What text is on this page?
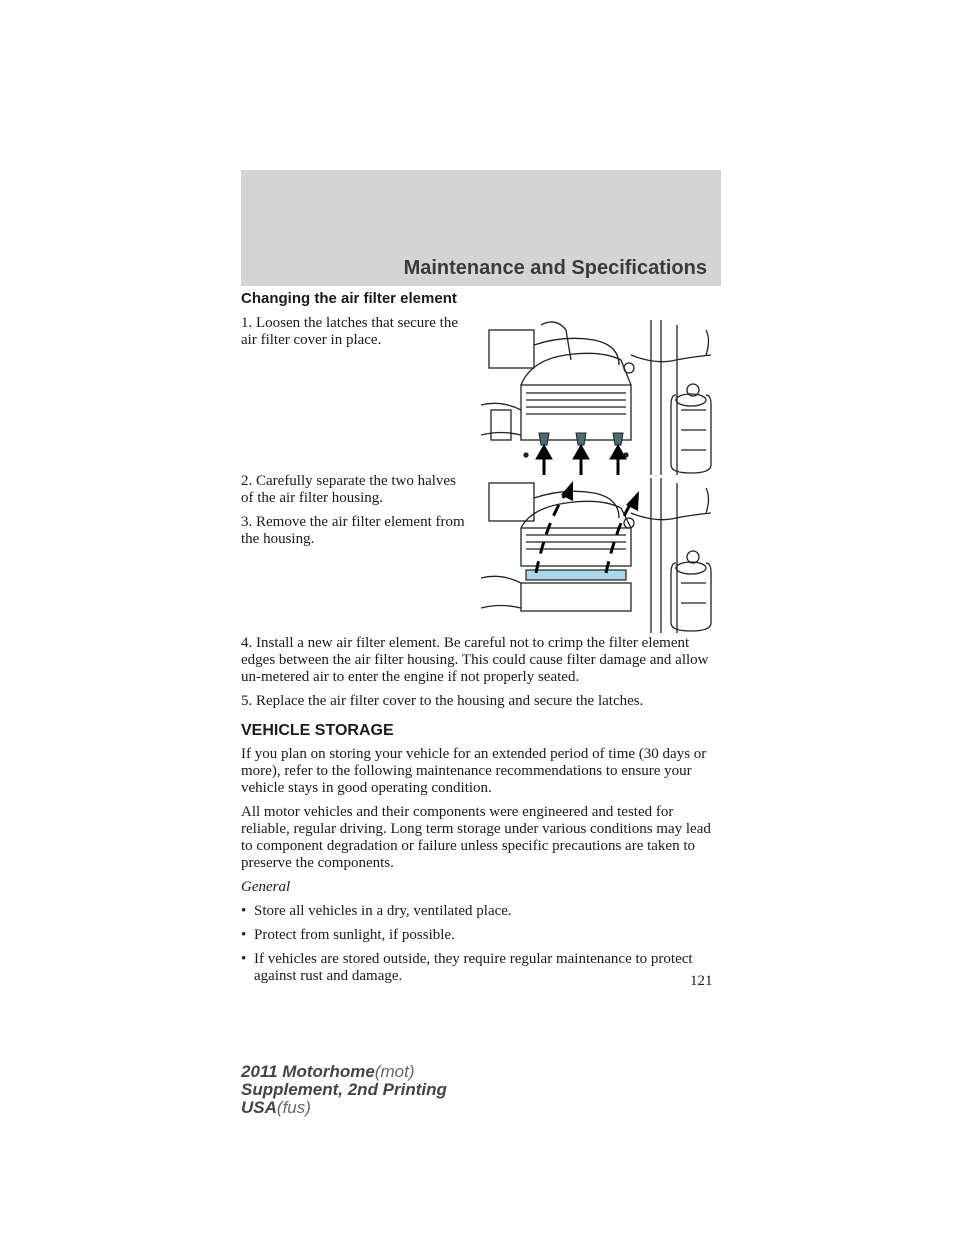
Maintenance and Specifications
Changing the air filter element

1. Loosen the latches that secure the air filter cover in place.

2. Carefully separate the two halves of the air filter housing.

3. Remove the air filter element from the housing.

4. Install a new air filter element. Be careful not to crimp the filter element edges between the air filter housing. This could cause filter damage and allow un-metered air to enter the engine if not properly seated.

5. Replace the air filter cover to the housing and secure the latches.

VEHICLE STORAGE

If you plan on storing your vehicle for an extended period of time (30 days or more), refer to the following maintenance recommendations to ensure your vehicle stays in good operating condition.

All motor vehicles and their components were engineered and tested for reliable, regular driving. Long term storage under various conditions may lead to component degradation or failure unless specific precautions are taken to preserve the components.

General

• Store all vehicles in a dry, ventilated place.
• Protect from sunlight, if possible.
• If vehicles are stored outside, they require regular maintenance to protect against rust and damage.	121
2011 Motorhome(mot)
Supplement, 2nd Printing
USA(fus)
